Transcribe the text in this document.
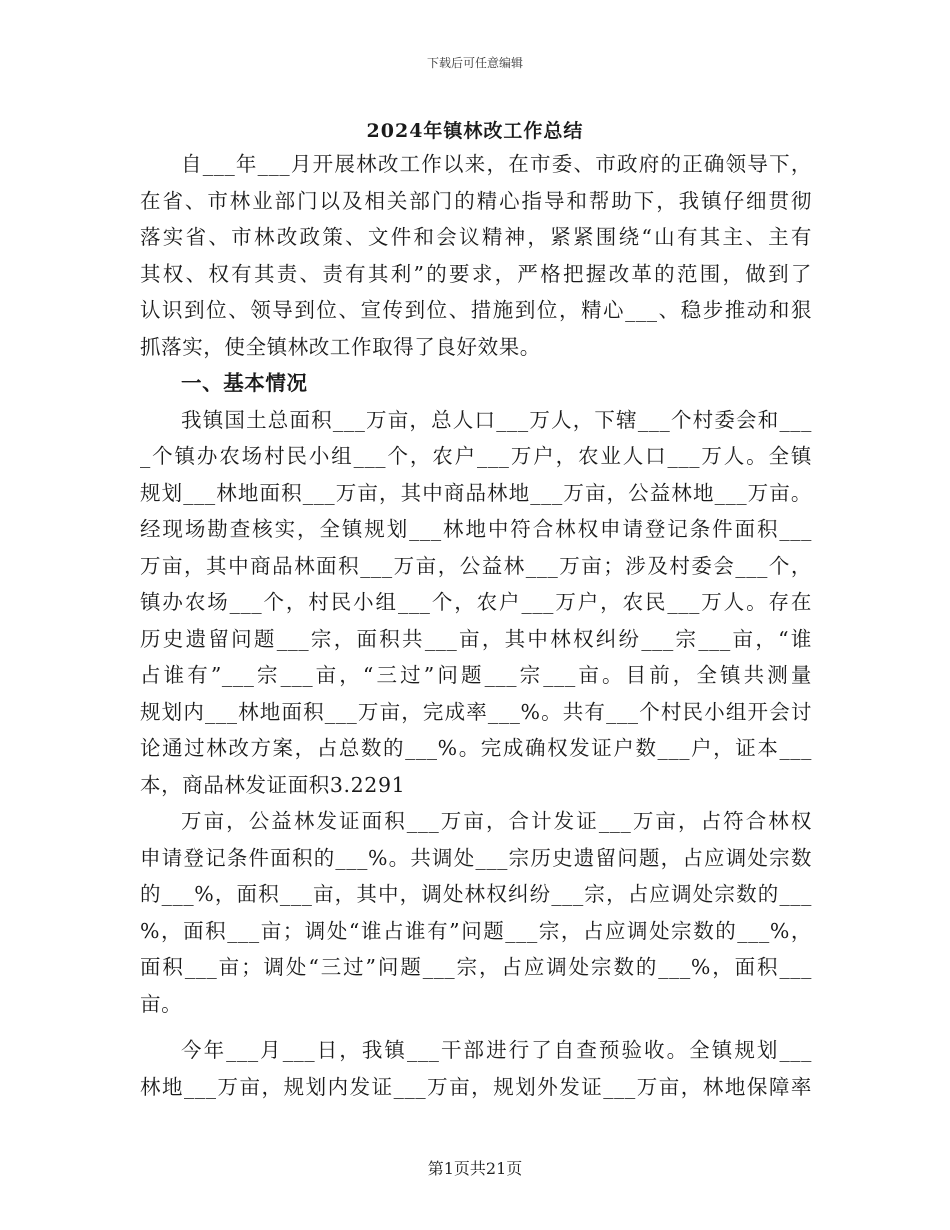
下载后可任意编辑
2024年镇林改工作总结
自___年___月开展林改工作以来，在市委、市政府的正确领导下，
在省、市林业部门以及相关部门的精心指导和帮助下，我镇仔细贯彻
落实省、市林改政策、文件和会议精神，紧紧围绕“山有其主、主有
其权、权有其责、责有其利”的要求，严格把握改革的范围，做到了
认识到位、领导到位、宣传到位、措施到位，精心___、稳步推动和狠
抓落实，使全镇林改工作取得了良好效果。
一、基本情况
我镇国土总面积___万亩，总人口___万人，下辖___个村委会和___
_个镇办农场村民小组___个，农户___万户，农业人口___万人。全镇
规划___林地面积___万亩，其中商品林地___万亩，公益林地___万亩。
经现场勘查核实，全镇规划___林地中符合林权申请登记条件面积___
万亩，其中商品林面积___万亩，公益林___万亩；涉及村委会___个，
镇办农场___个，村民小组___个，农户___万户，农民___万人。存在
历史遗留问题___宗，面积共___亩，其中林权纠纷___宗___亩，“谁
占谁有”___宗___亩，“三过”问题___宗___亩。目前，全镇共测量
规划内___林地面积___万亩，完成率___%。共有___个村民小组开会讨
论通过林改方案，占总数的___%。完成确权发证户数___户，证本___
本，商品林发证面积3.2291
万亩，公益林发证面积___万亩，合计发证___万亩，占符合林权
申请登记条件面积的___%。共调处___宗历史遗留问题，占应调处宗数
的___%，面积___亩，其中，调处林权纠纷___宗，占应调处宗数的___
%，面积___亩；调处“谁占谁有”问题___宗，占应调处宗数的___%，
面积___亩；调处“三过”问题___宗，占应调处宗数的___%，面积___
亩。
今年___月___日，我镇___干部进行了自查预验收。全镇规划___
林地___万亩，规划内发证___万亩，规划外发证___万亩，林地保障率
第1页共21页
